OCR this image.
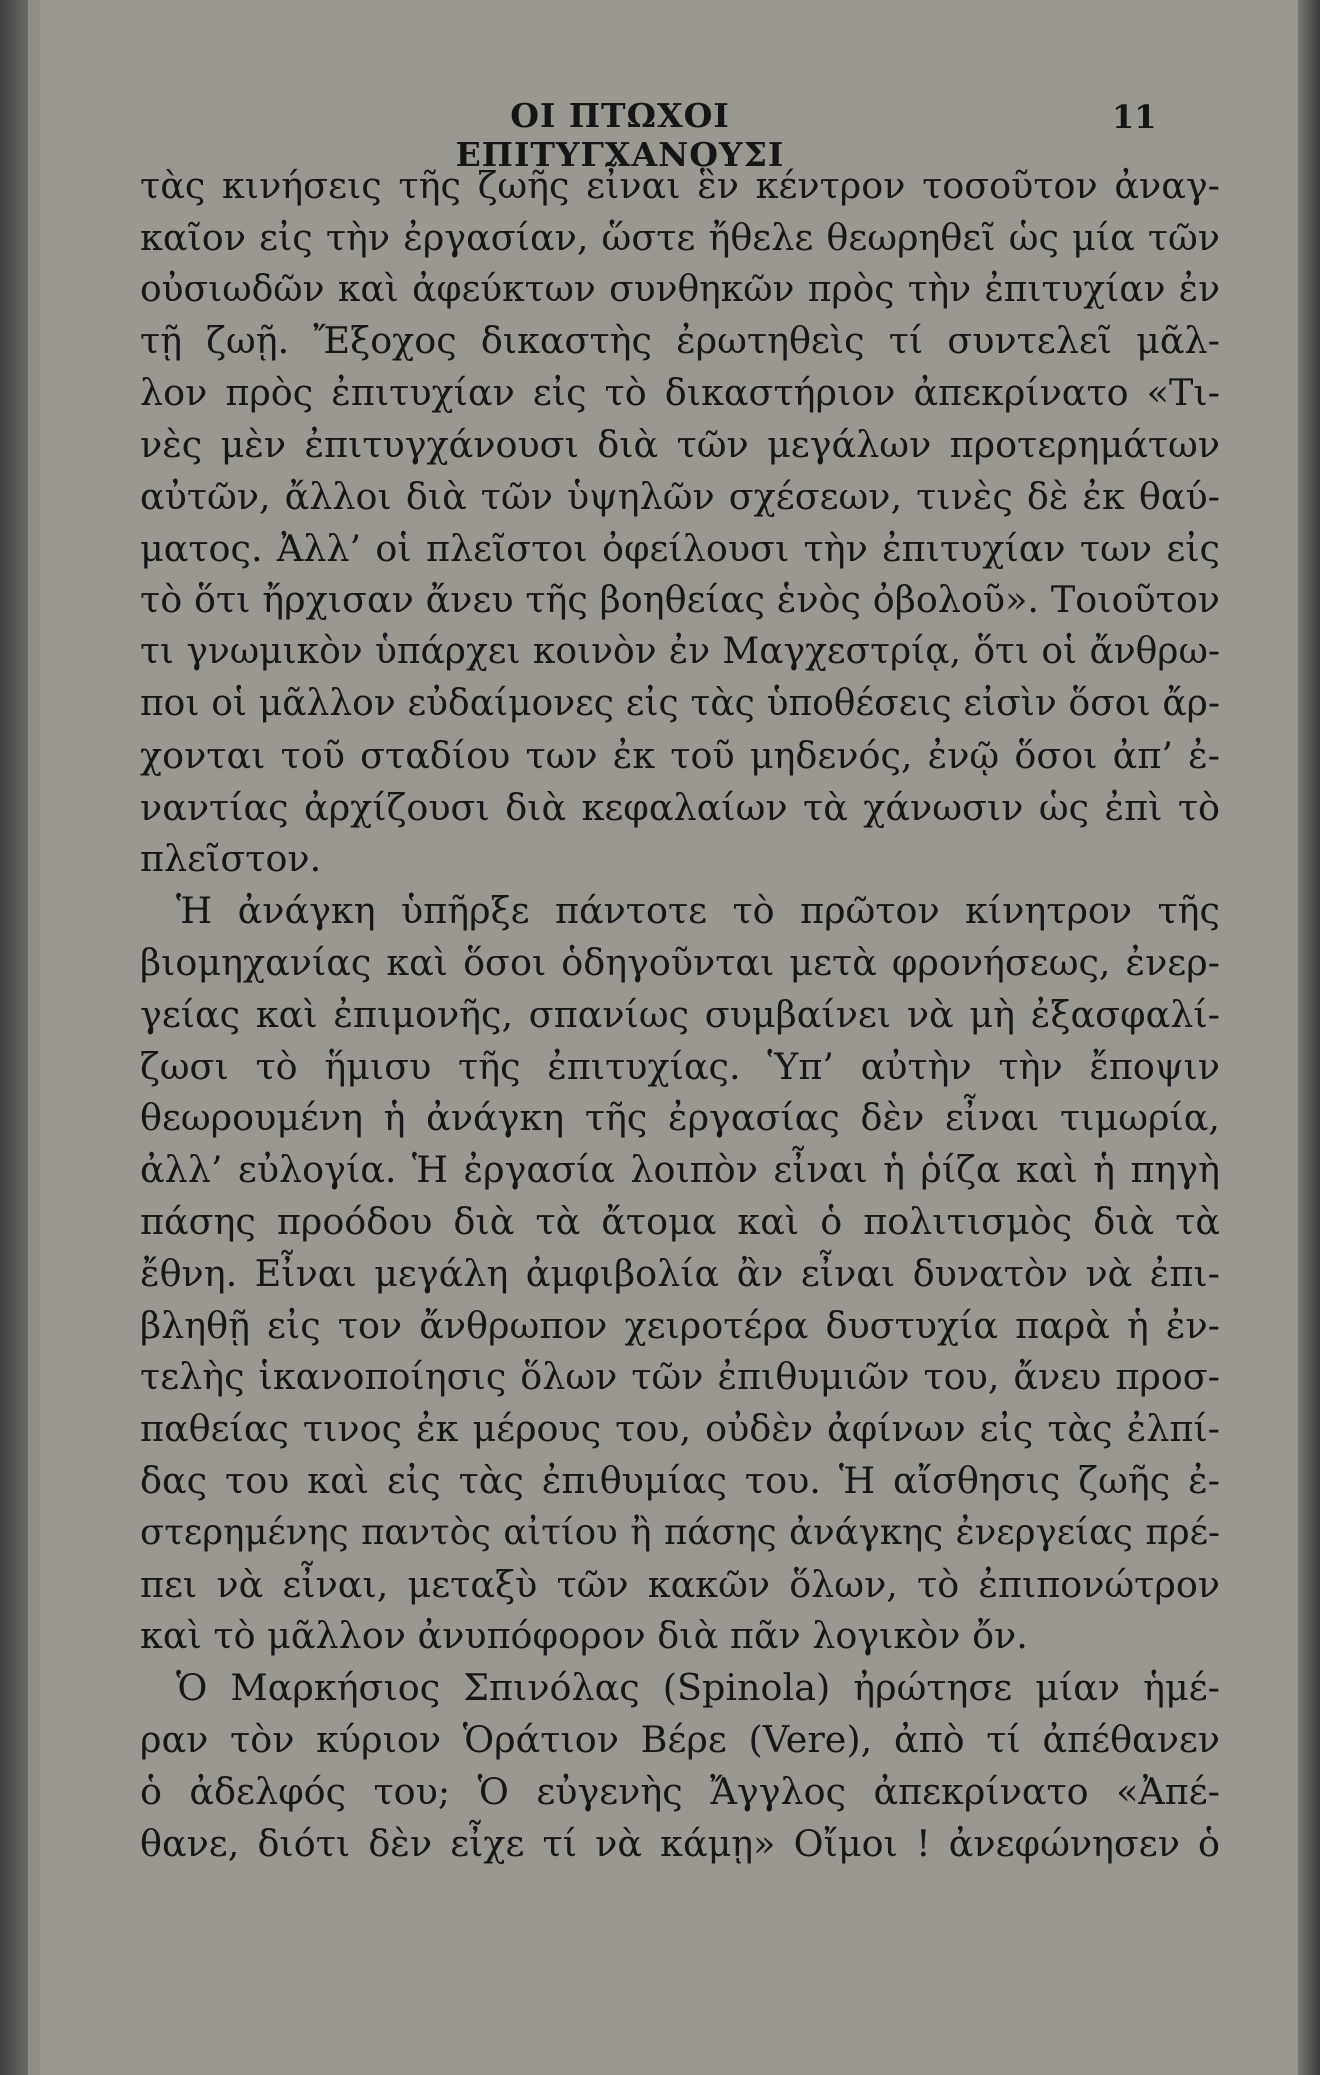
ΟΙ ΠΤΩΧΟΙ ΕΠΙΤΥΓΧΑΝΟΥΣΙ
11
τὰς κινήσεις τῆς ζωῆς εἶναι ἓν κέντρον τοσοῦτον ἀναγ-
καῖον εἰς τὴν ἐργασίαν, ὥστε ἤθελε θεωρηθεῖ ὡς μία τῶν
οὐσιωδῶν καὶ ἀφεύκτων συνθηκῶν πρὸς τὴν ἐπιτυχίαν ἐν
τῇ ζωῇ. Ἔξοχος δικαστὴς ἐρωτηθεὶς τί συντελεῖ μᾶλ-
λον πρὸς ἐπιτυχίαν εἰς τὸ δικαστήριον ἀπεκρίνατο «Τι-
νὲς μὲν ἐπιτυγχάνουσι διὰ τῶν μεγάλων προτερημάτων
αὐτῶν, ἄλλοι διὰ τῶν ὑψηλῶν σχέσεων, τινὲς δὲ ἐκ θαύ-
ματος. Ἀλλ’ οἱ πλεῖστοι ὀφείλουσι τὴν ἐπιτυχίαν των εἰς
τὸ ὅτι ἤρχισαν ἄνευ τῆς βοηθείας ἑνὸς ὀβολοῦ». Τοιοῦτον
τι γνωμικὸν ὑπάρχει κοινὸν ἐν Μαγχεστρίᾳ, ὅτι οἱ ἄνθρω-
ποι οἱ μᾶλλον εὐδαίμονες εἰς τὰς ὑποθέσεις εἰσὶν ὅσοι ἄρ-
χονται τοῦ σταδίου των ἐκ τοῦ μηδενός, ἐνῷ ὅσοι ἀπ’ ἐ-
ναντίας ἀρχίζουσι διὰ κεφαλαίων τὰ χάνωσιν ὡς ἐπὶ τὸ
πλεῖστον.
Ἡ ἀνάγκη ὑπῆρξε πάντοτε τὸ πρῶτον κίνητρον τῆς
βιομηχανίας καὶ ὅσοι ὁδηγοῦνται μετὰ φρονήσεως, ἐνερ-
γείας καὶ ἐπιμονῆς, σπανίως συμβαίνει νὰ μὴ ἐξασφαλί-
ζωσι τὸ ἥμισυ τῆς ἐπιτυχίας. Ὑπ’ αὐτὴν τὴν ἔποψιν
θεωρουμένη ἡ ἀνάγκη τῆς ἐργασίας δὲν εἶναι τιμωρία,
ἀλλ’ εὐλογία. Ἡ ἐργασία λοιπὸν εἶναι ἡ ῥίζα καὶ ἡ πηγὴ
πάσης προόδου διὰ τὰ ἄτομα καὶ ὁ πολιτισμὸς διὰ τὰ
ἔθνη. Εἶναι μεγάλη ἀμφιβολία ἂν εἶναι δυνατὸν νὰ ἐπι-
βληθῇ εἰς τον ἄνθρωπον χειροτέρα δυστυχία παρὰ ἡ ἐν-
τελὴς ἱκανοποίησις ὅλων τῶν ἐπιθυμιῶν του, ἄνευ προσ-
παθείας τινος ἐκ μέρους του, οὐδὲν ἀφίνων εἰς τὰς ἐλπί-
δας του καὶ εἰς τὰς ἐπιθυμίας του. Ἡ αἴσθησις ζωῆς ἐ-
στερημένης παντὸς αἰτίου ἢ πάσης ἀνάγκης ἐνεργείας πρέ-
πει νὰ εἶναι, μεταξὺ τῶν κακῶν ὅλων, τὸ ἐπιπονώτρον
καὶ τὸ μᾶλλον ἀνυπόφορον διὰ πᾶν λογικὸν ὄν.
Ὁ Μαρκήσιος Σπινόλας (Spinola) ἠρώτησε μίαν ἡμέ-
ραν τὸν κύριον Ὁράτιον Βέρε (Vere), ἀπὸ τί ἀπέθανεν
ὁ ἀδελφός του; Ὁ εὐγενὴς Ἄγγλος ἀπεκρίνατο «Ἀπέ-
θανε, διότι δὲν εἶχε τί νὰ κάμῃ» Οἴμοι ! ἀνεφώνησεν ὁ
